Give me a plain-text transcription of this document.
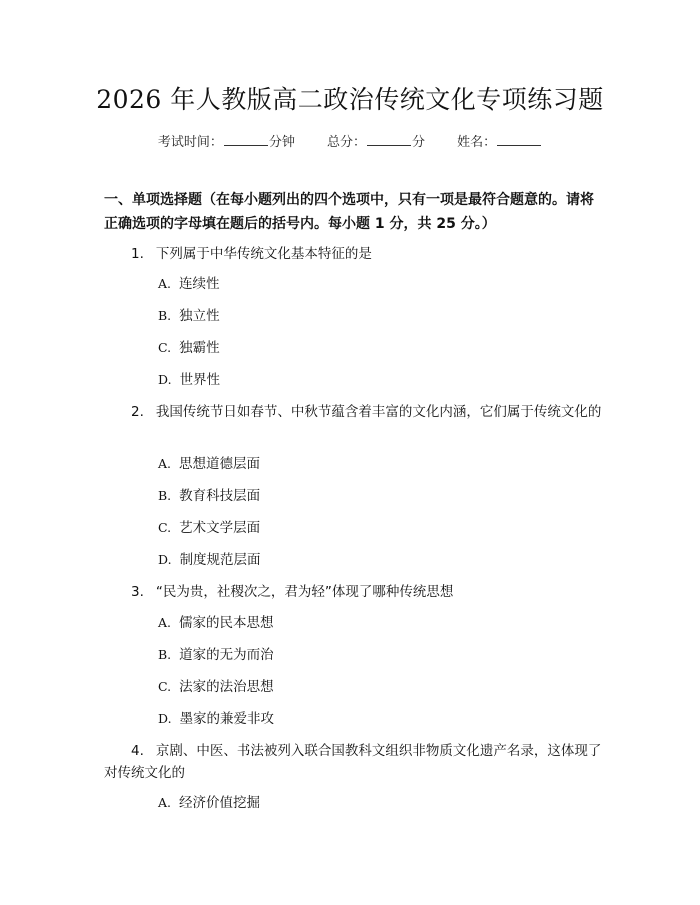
2026 年人教版高二政治传统文化专项练习题
考试时间：	分钟 总分：	分 姓名：
一、单项选择题（在每小题列出的四个选项中，只有一项是最符合题意的。请将
正确选项的字母填在题后的括号内。每小题 1 分，共 25 分。）
1. 下列属于中华传统文化基本特征的是
A. 连续性
B. 独立性
C. 独霸性
D. 世界性
2. 我国传统节日如春节、中秋节蕴含着丰富的文化内涵，它们属于传统文化的
A. 思想道德层面
B. 教育科技层面
C. 艺术文学层面
D. 制度规范层面
3. “民为贵，社稷次之，君为轻”体现了哪种传统思想
A. 儒家的民本思想
B. 道家的无为而治
C. 法家的法治思想
D. 墨家的兼爱非攻
4. 京剧、中医、书法被列入联合国教科文组织非物质文化遗产名录，这体现了对传统文化的
A. 经济价值挖掘
